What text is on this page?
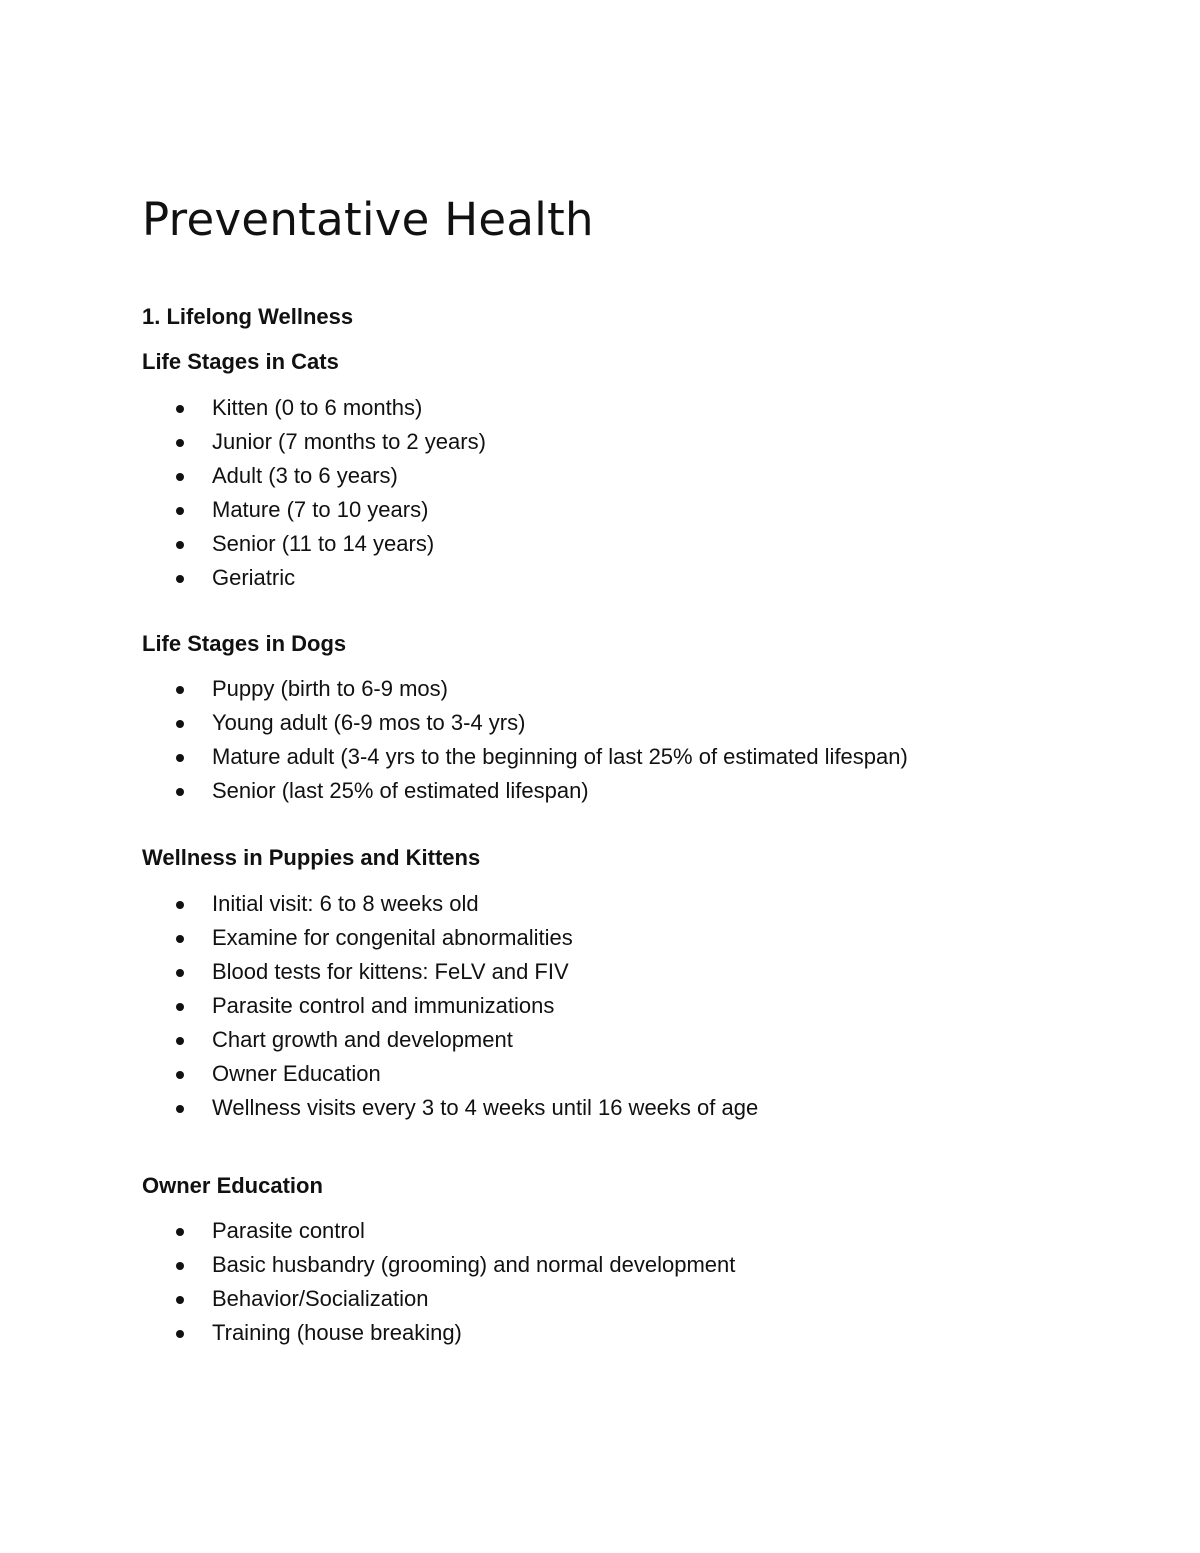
Preventative Health
1. Lifelong Wellness
Life Stages in Cats
Kitten (0 to 6 months)
Junior (7 months to 2 years)
Adult (3 to 6 years)
Mature (7 to 10 years)
Senior (11 to 14 years)
Geriatric
Life Stages in Dogs
Puppy (birth to 6-9 mos)
Young adult (6-9 mos to 3-4 yrs)
Mature adult (3-4 yrs to the beginning of last 25% of estimated lifespan)
Senior (last 25% of estimated lifespan)
Wellness in Puppies and Kittens
Initial visit: 6 to 8 weeks old
Examine for congenital abnormalities
Blood tests for kittens: FeLV and FIV
Parasite control and immunizations
Chart growth and development
Owner Education
Wellness visits every 3 to 4 weeks until 16 weeks of age
Owner Education
Parasite control
Basic husbandry (grooming) and normal development
Behavior/Socialization
Training (house breaking)
